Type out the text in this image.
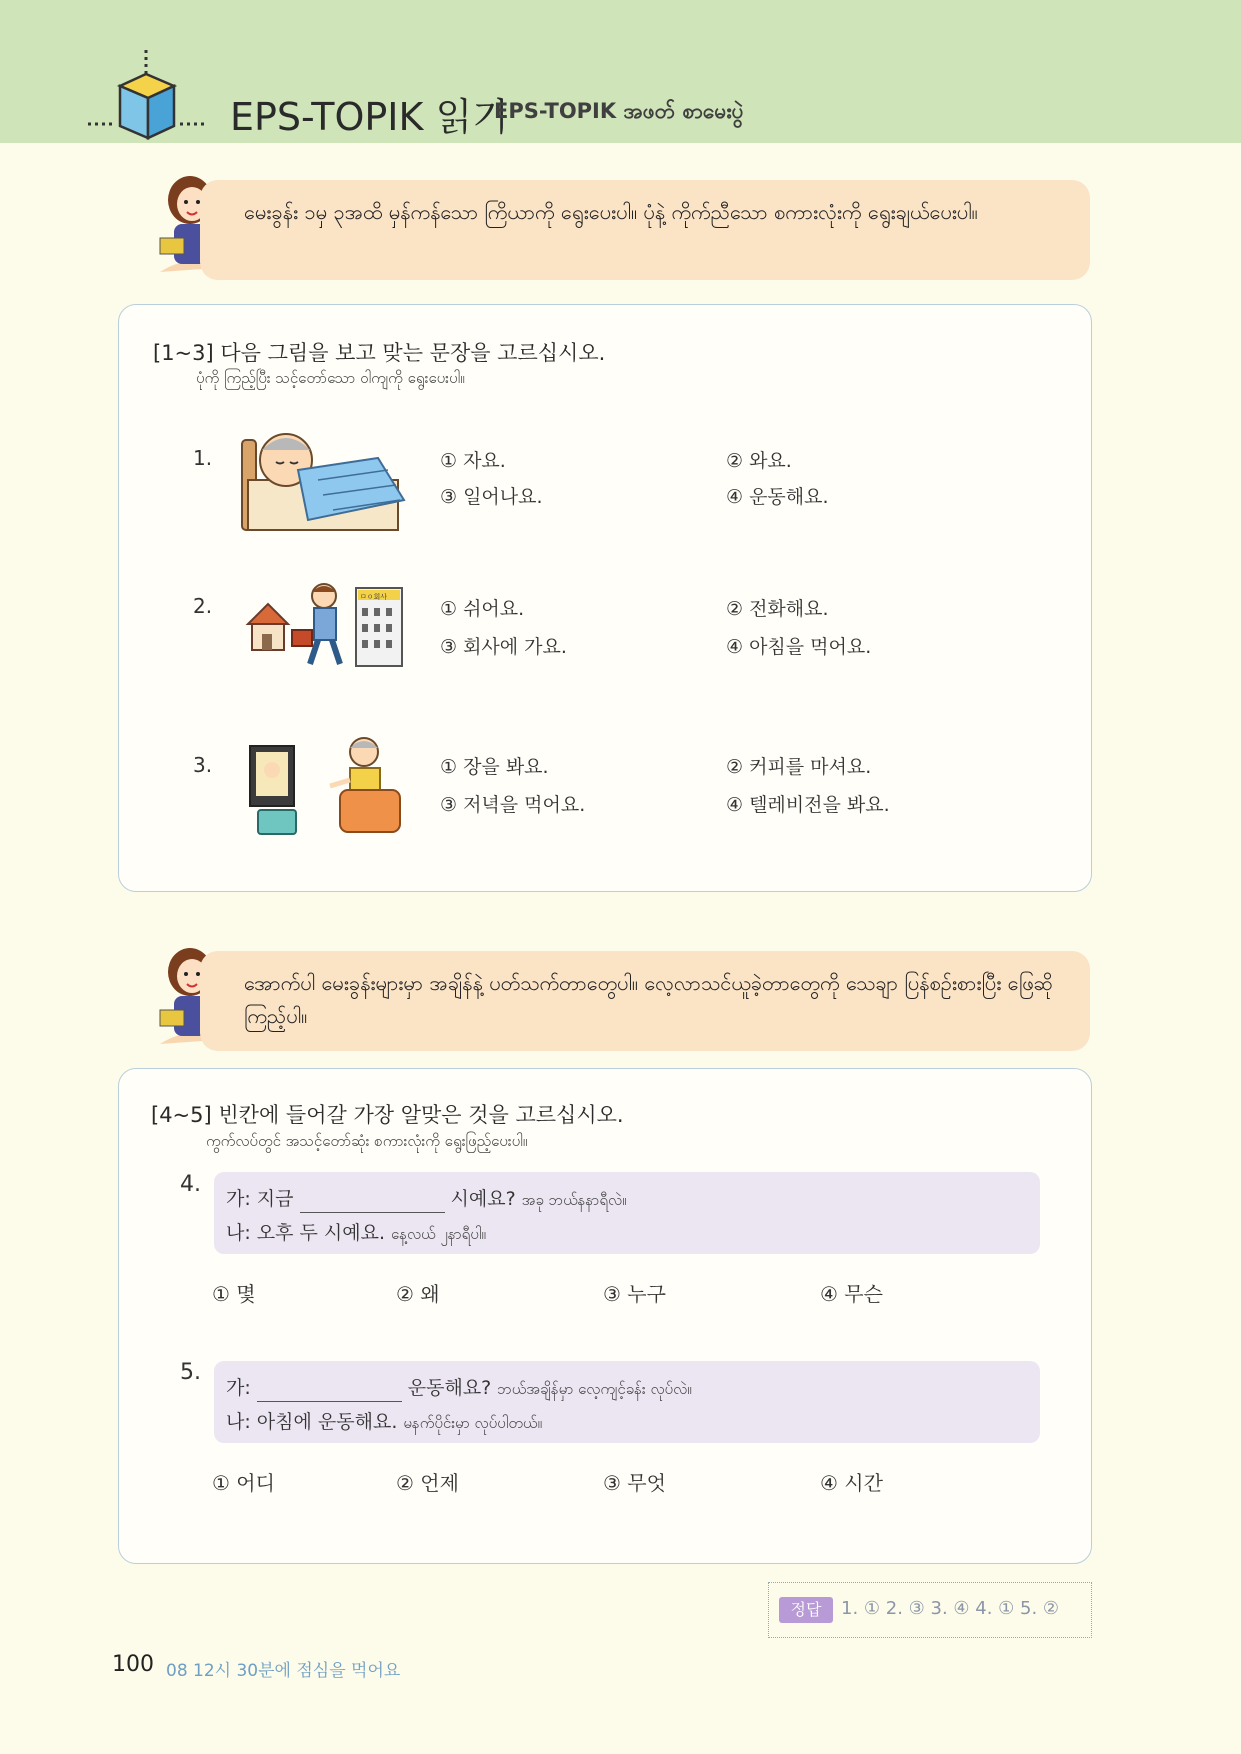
EPS-TOPIK 읽기
EPS-TOPIK အဖတ် စာမေးပွဲ
မေးခွန်း ၁မှ ၃အထိ မှန်ကန်သော ကြိယာကို ရွေးပေးပါ။ ပုံနဲ့ ကိုက်ညီသော စကားလုံးကို ရွေးချယ်ပေးပါ။
[1~3] 다음 그림을 보고 맞는 문장을 고르십시오.
ပုံကို ကြည့်ပြီး သင့်တော်သော ဝါကျကို ရွေးပေးပါ။
1.	① 자요.	② 와요.
③ 일어나요.	④ 운동해요.
2.	ㅁㅇ회사
① 쉬어요.	② 전화해요.
③ 회사에 가요.	④ 아침을 먹어요.
3.	① 장을 봐요.	② 커피를 마셔요.
③ 저녁을 먹어요.	④ 텔레비전을 봐요.
အောက်ပါ မေးခွန်းများမှာ အချိန်နဲ့ ပတ်သက်တာတွေပါ။ လေ့လာသင်ယူခဲ့တာတွေကို သေချာ ပြန်စဉ်းစားပြီး ဖြေဆိုကြည့်ပါ။
[4~5] 빈칸에 들어갈 가장 알맞은 것을 고르십시오.
ကွက်လပ်တွင် အသင့်တော်ဆုံး စကားလုံးကို ရွေးဖြည့်ပေးပါ။
4.
가: 지금	시예요? အခု ဘယ်နနာရီလဲ။
나: 오후 두 시예요. နေ့လယ် ၂နာရီပါ။
① 몇	② 왜	③ 누구	④ 무슨
5.
가:	운동해요? ဘယ်အချိန်မှာ လေ့ကျင့်ခန်း လုပ်လဲ။
나: 아침에 운동해요. မနက်ပိုင်းမှာ လုပ်ပါတယ်။
① 어디	② 언제	③ 무엇	④ 시간
정답	1. ① 2. ③ 3. ④ 4. ① 5. ②
100 08 12시 30분에 점심을 먹어요
